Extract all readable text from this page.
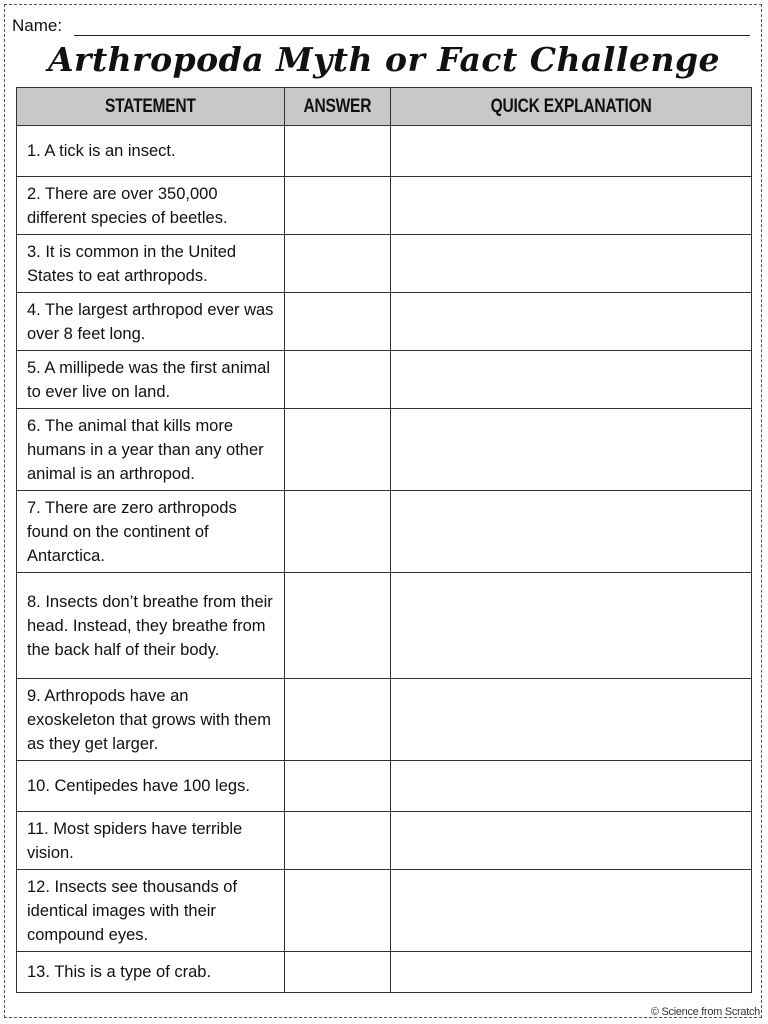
Name:
Arthropoda Myth or Fact Challenge
STATEMENT	ANSWER	QUICK EXPLANATION
1. A tick is an insect.		
2. There are over 350,000 different species of beetles.		
3. It is common in the United States to eat arthropods.		
4. The largest arthropod ever was over 8 feet long.		
5. A millipede was the first animal to ever live on land.		
6. The animal that kills more humans in a year than any other animal is an arthropod.		
7. There are zero arthropods found on the continent of Antarctica.		
8. Insects don’t breathe from their head. Instead, they breathe from the back half of their body.		
9. Arthropods have an exoskeleton that grows with them as they get larger.		
10. Centipedes have 100 legs.		
11. Most spiders have terrible vision.		
12. Insects see thousands of identical images with their compound eyes.		
13. This is a type of crab.		
© Science from Scratch
